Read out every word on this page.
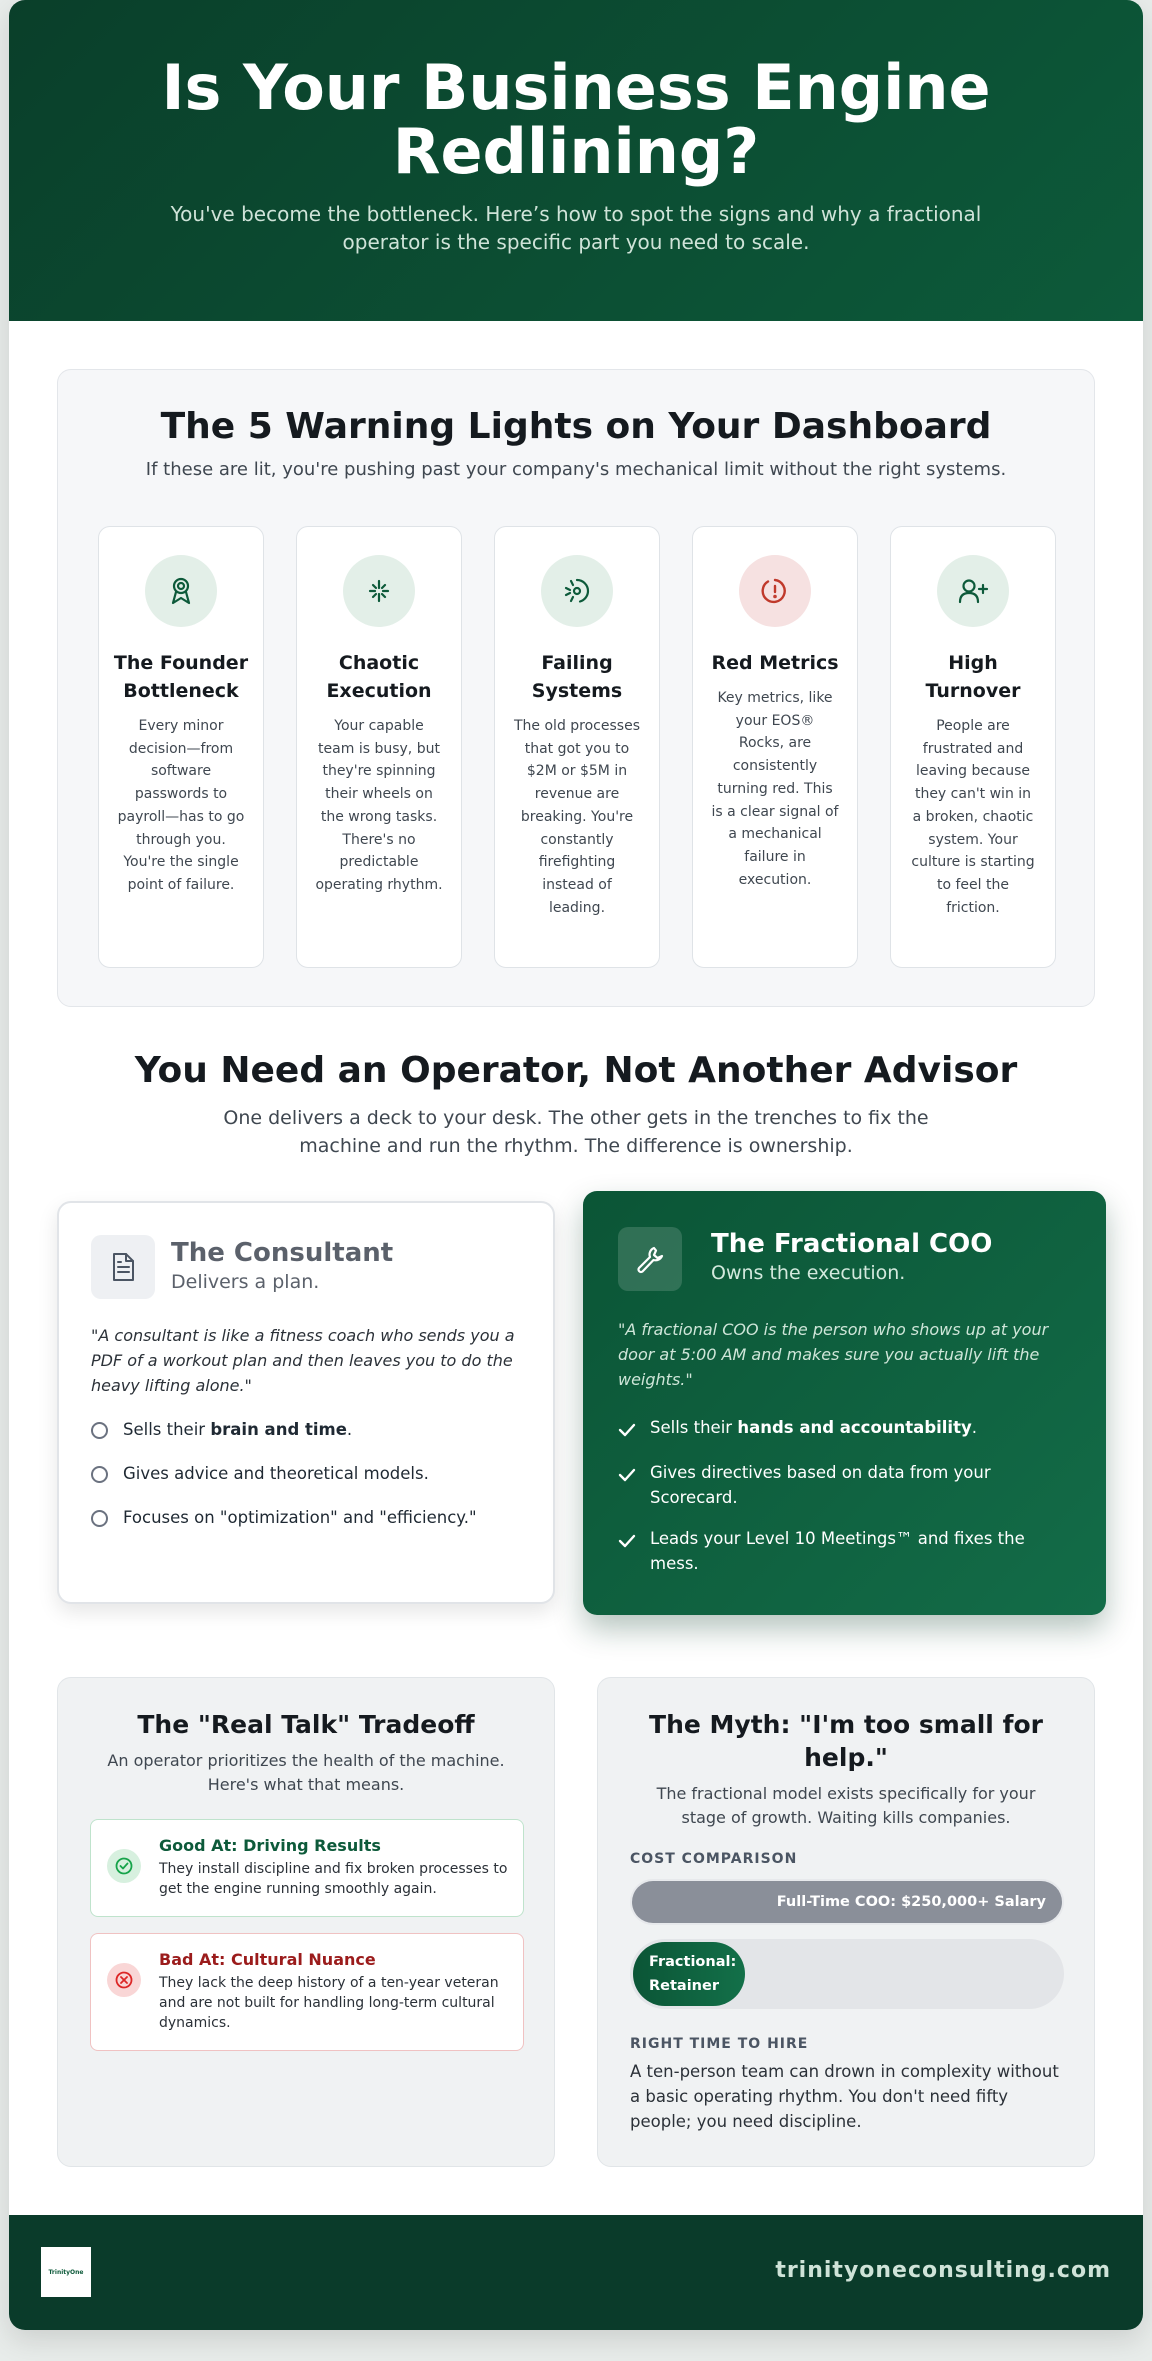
Is Your Business Engine Redlining?

You've become the bottleneck. Here’s how to spot the signs and why a fractional operator is the specific part you need to scale.

The 5 Warning Lights on Your Dashboard

If these are lit, you're pushing past your company's mechanical limit without the right systems.

The Founder Bottleneck

Every minor decision—from software passwords to payroll—has to go through you. You're the single point of failure.

Chaotic Execution

Your capable team is busy, but they're spinning their wheels on the wrong tasks. There's no predictable operating rhythm.

Failing Systems

The old processes that got you to $2M or $5M in revenue are breaking. You're constantly firefighting instead of leading.

Red Metrics

Key metrics, like your EOS® Rocks, are consistently turning red. This is a clear signal of a mechanical failure in execution.

High Turnover

People are frustrated and leaving because they can't win in a broken, chaotic system. Your culture is starting to feel the friction.

You Need an Operator, Not Another Advisor

One delivers a deck to your desk. The other gets in the trenches to fix the machine and run the rhythm. The difference is ownership.

The Consultant
Delivers a plan.

"A consultant is like a fitness coach who sends you a PDF of a workout plan and then leaves you to do the heavy lifting alone."

Sells their brain and time.
Gives advice and theoretical models.
Focuses on "optimization" and "efficiency."
The Fractional COO
Owns the execution.

"A fractional COO is the person who shows up at your door at 5:00 AM and makes sure you actually lift the weights."

Sells their hands and accountability.
Gives directives based on data from your Scorecard.
Leads your Level 10 Meetings™ and fixes the mess.
The "Real Talk" Tradeoff

An operator prioritizes the health of the machine. Here's what that means.

Good At: Driving Results

They install discipline and fix broken processes to get the engine running smoothly again.

Bad At: Cultural Nuance

They lack the deep history of a ten-year veteran and are not built for handling long-term cultural dynamics.

The Myth: "I'm too small for help."

The fractional model exists specifically for your stage of growth. Waiting kills companies.

COST COMPARISON
Full-Time COO: $250,000+ Salary
Fractional:
Retainer
RIGHT TIME TO HIRE

A ten-person team can drown in complexity without a basic operating rhythm. You don't need fifty people; you need discipline.

TrinityOne	trinityoneconsulting.com
